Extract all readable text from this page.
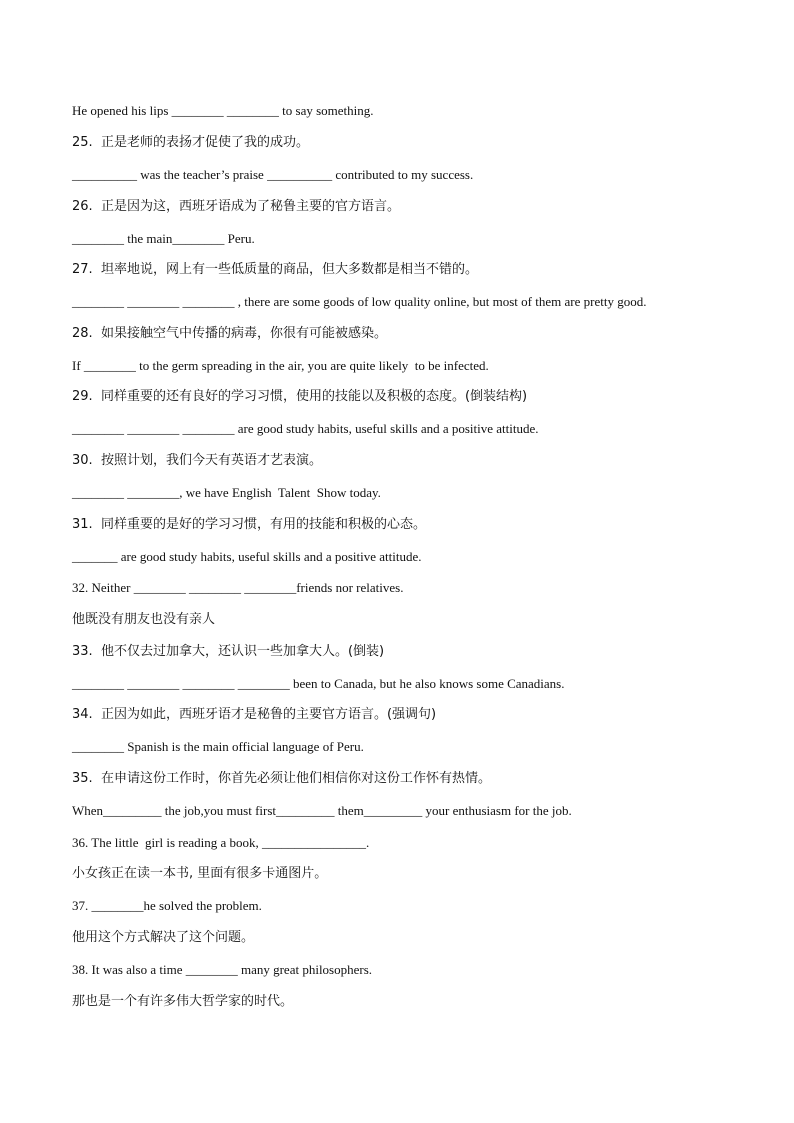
He opened his lips ________ ________ to say something.
25.  正是老师的表扬才促使了我的成功。
__________ was the teacher’s praise __________ contributed to my success.
26.  正是因为这，西班牙语成为了秘鲁主要的官方语言。
________ the main________ Peru.
27.  坦率地说，网上有一些低质量的商品，但大多数都是相当不错的。
________ ________ ________ , there are some goods of low quality online, but most of them are pretty good.
28.  如果接触空气中传播的病毒，你很有可能被感染。
If ________ to the germ spreading in the air, you are quite likely  to be infected.
29.  同样重要的还有良好的学习习惯，使用的技能以及积极的态度。(倒装结构)
________ ________ ________ are good study habits, useful skills and a positive attitude.
30.  按照计划，我们今天有英语才艺表演。
________ ________, we have English  Talent  Show today.
31.  同样重要的是好的学习习惯，有用的技能和积极的心态。
_______ are good study habits, useful skills and a positive attitude.
32. Neither ________ ________ ________friends nor relatives.
他既没有朋友也没有亲人
33.  他不仅去过加拿大，还认识一些加拿大人。(倒装)
________ ________ ________ ________ been to Canada, but he also knows some Canadians.
34.  正因为如此，西班牙语才是秘鲁的主要官方语言。(强调句)
________ Spanish is the main official language of Peru.
35.  在申请这份工作时，你首先必须让他们相信你对这份工作怀有热情。
When_________ the job,you must first_________ them_________ your enthusiasm for the job.
36. The little  girl is reading a book, ________________.
小女孩正在读一本书, 里面有很多卡通图片。
37. ________he solved the problem.
他用这个方式解决了这个问题。
38. It was also a time ________ many great philosophers.
那也是一个有许多伟大哲学家的时代。
